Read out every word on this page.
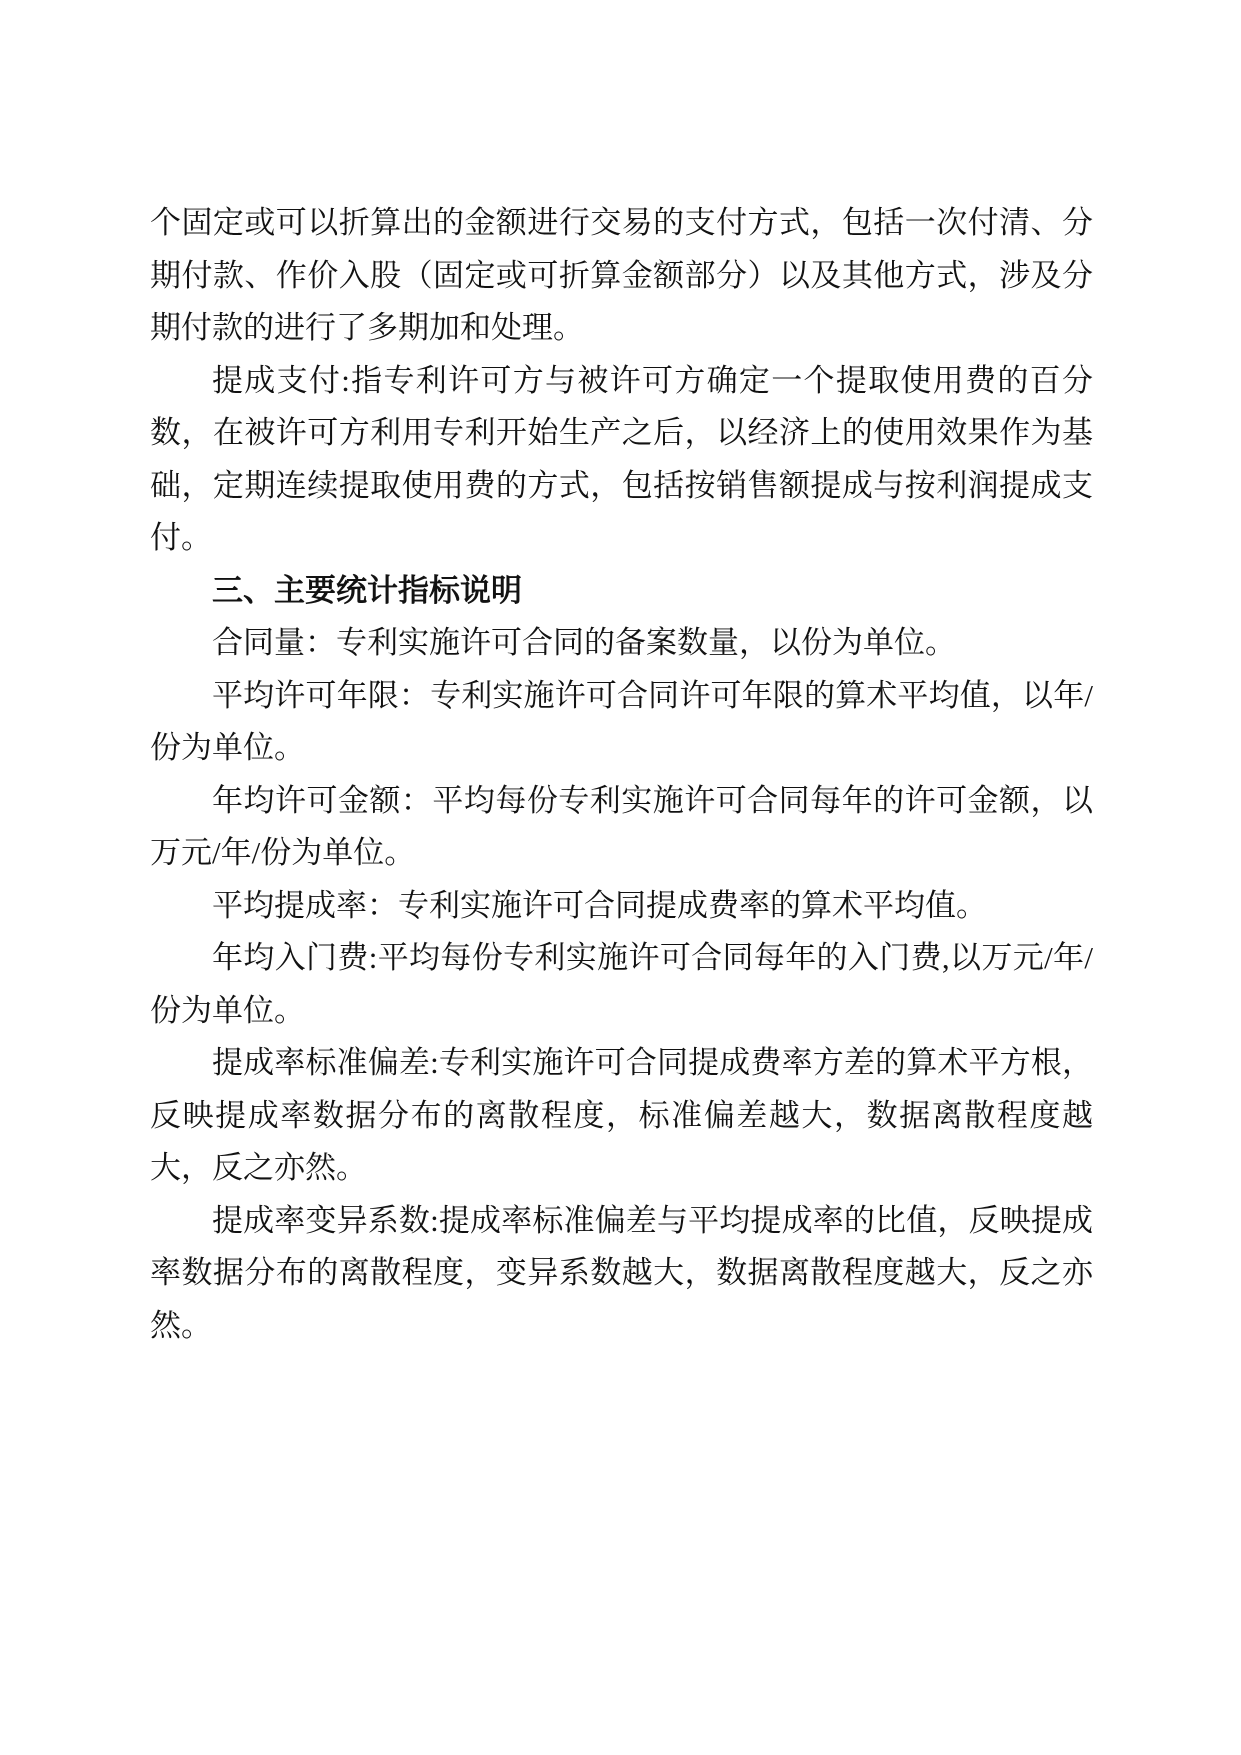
个固定或可以折算出的金额进行交易的支付方式，包括一次付清、分期付款、作价入股（固定或可折算金额部分）以及其他方式，涉及分期付款的进行了多期加和处理。

提成支付:指专利许可方与被许可方确定一个提取使用费的百分数，在被许可方利用专利开始生产之后，以经济上的使用效果作为基础，定期连续提取使用费的方式，包括按销售额提成与按利润提成支付。

三、主要统计指标说明

合同量：专利实施许可合同的备案数量，以份为单位。

平均许可年限：专利实施许可合同许可年限的算术平均值，以年/份为单位。

年均许可金额：平均每份专利实施许可合同每年的许可金额，以万元/年/份为单位。

平均提成率：专利实施许可合同提成费率的算术平均值。

年均入门费:平均每份专利实施许可合同每年的入门费,以万元/年/份为单位。

提成率标准偏差:专利实施许可合同提成费率方差的算术平方根，反映提成率数据分布的离散程度，标准偏差越大，数据离散程度越大，反之亦然。

提成率变异系数:提成率标准偏差与平均提成率的比值，反映提成率数据分布的离散程度，变异系数越大，数据离散程度越大，反之亦然。
